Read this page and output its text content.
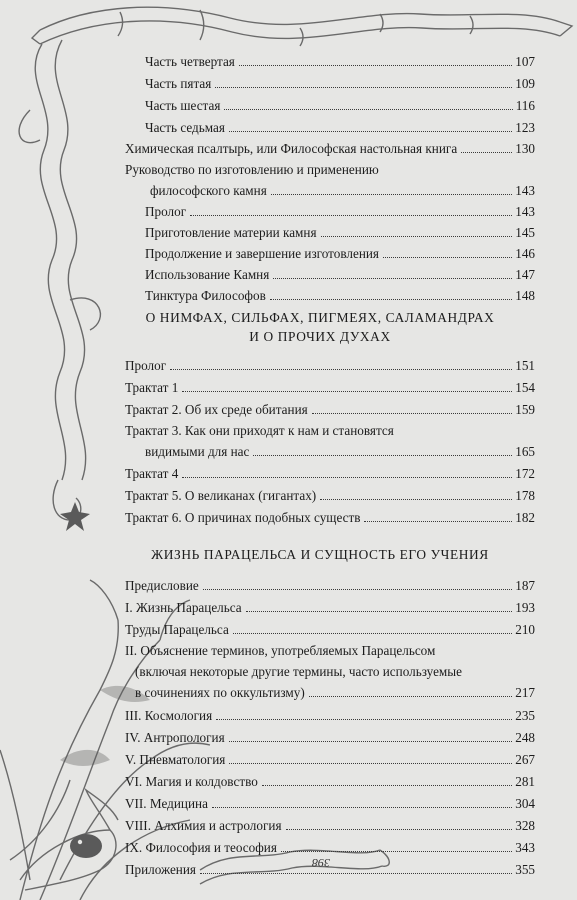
Часть четвертая	107
Часть пятая	109
Часть шестая	116
Часть седьмая	123
Химическая псалтырь, или Философская настольная книга	130
Руководство по изготовлению и применению
философского камня	143
Пролог	143
Приготовление материи камня	145
Продолжение и завершение изготовления	146
Использование Камня	147
Тинктура Философов	148
О НИМФАХ, СИЛЬФАХ, ПИГМЕЯХ, САЛАМАНДРАХ
И О ПРОЧИХ ДУХАХ
Пролог	151
Трактат 1	154
Трактат 2. Об их среде обитания	159
Трактат 3. Как они приходят к нам и становятся
видимыми для нас	165
Трактат 4	172
Трактат 5. О великанах (гигантах)	178
Трактат 6. О причинах подобных существ	182
ЖИЗНЬ ПАРАЦЕЛЬСА И СУЩНОСТЬ ЕГО УЧЕНИЯ
Предисловие	187
I. Жизнь Парацельса	193
Труды Парацельса	210
II. Объяснение терминов, употребляемых Парацельсом
(включая некоторые другие термины, часто используемые
в сочинениях по оккультизму)	217
III. Космология	235
IV. Антропология	248
V. Пневматология	267
VI. Магия и колдовство	281
VII. Медицина	304
VIII. Алхимия и астрология	328
IX. Философия и теософия	343
Приложения	355
398
